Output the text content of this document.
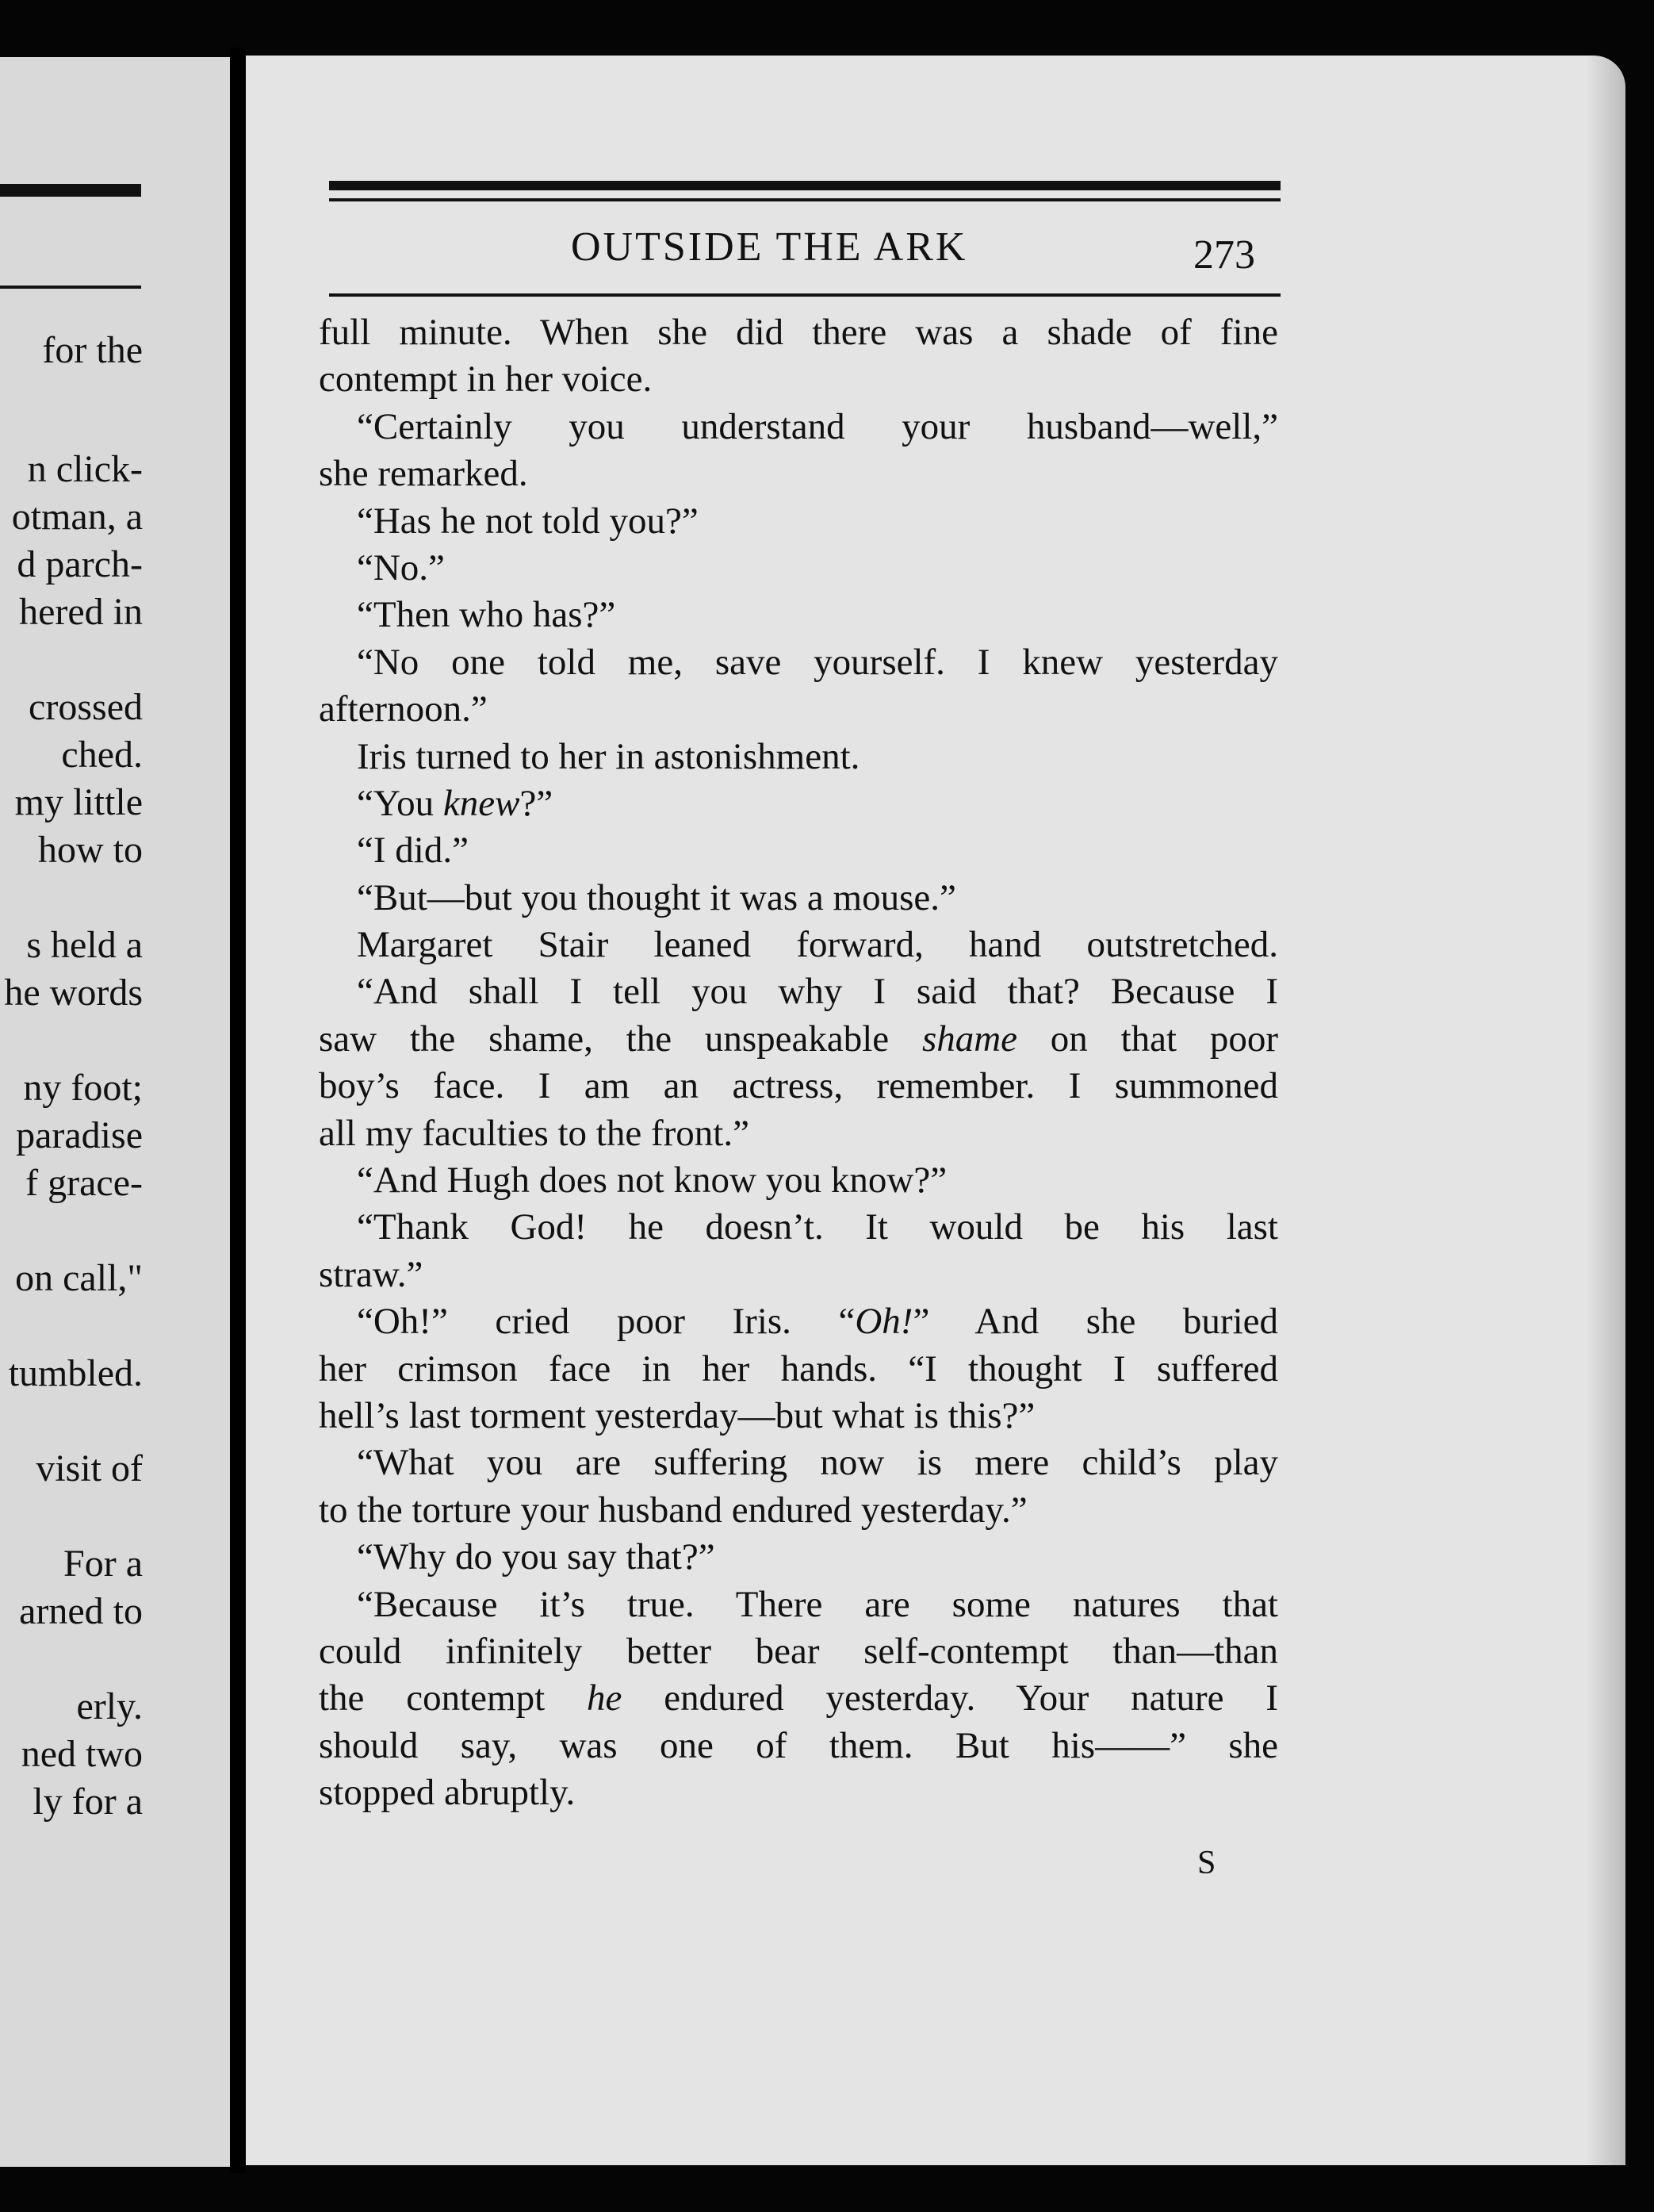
for the
n click-
otman, a
d parch-
hered in
crossed
ched.
my little
how to
s held a
he words
ny foot;
paradise
f grace-
on call,"
tumbled.
visit of
For a
arned to
erly.
ned two
ly for a
OUTSIDE THE ARK	273
full minute. When she did there was a shade of fine
contempt in her voice.
“Certainly you understand your husband—well,”
she remarked.
“Has he not told you?”
“No.”
“Then who has?”
“No one told me, save yourself. I knew yesterday
afternoon.”
Iris turned to her in astonishment.
“You knew?”
“I did.”
“But—but you thought it was a mouse.”
Margaret Stair leaned forward, hand outstretched.
“And shall I tell you why I said that? Because I
saw the shame, the unspeakable shame on that poor
boy’s face. I am an actress, remember. I summoned
all my faculties to the front.”
“And Hugh does not know you know?”
“Thank God! he doesn’t. It would be his last
straw.”
“Oh!” cried poor Iris. “Oh!” And she buried
her crimson face in her hands. “I thought I suffered
hell’s last torment yesterday—but what is this?”
“What you are suffering now is mere child’s play
to the torture your husband endured yesterday.”
“Why do you say that?”
“Because it’s true. There are some natures that
could infinitely better bear self-contempt than—than
the contempt he endured yesterday. Your nature I
should say, was one of them. But his——” she
stopped abruptly.
S
